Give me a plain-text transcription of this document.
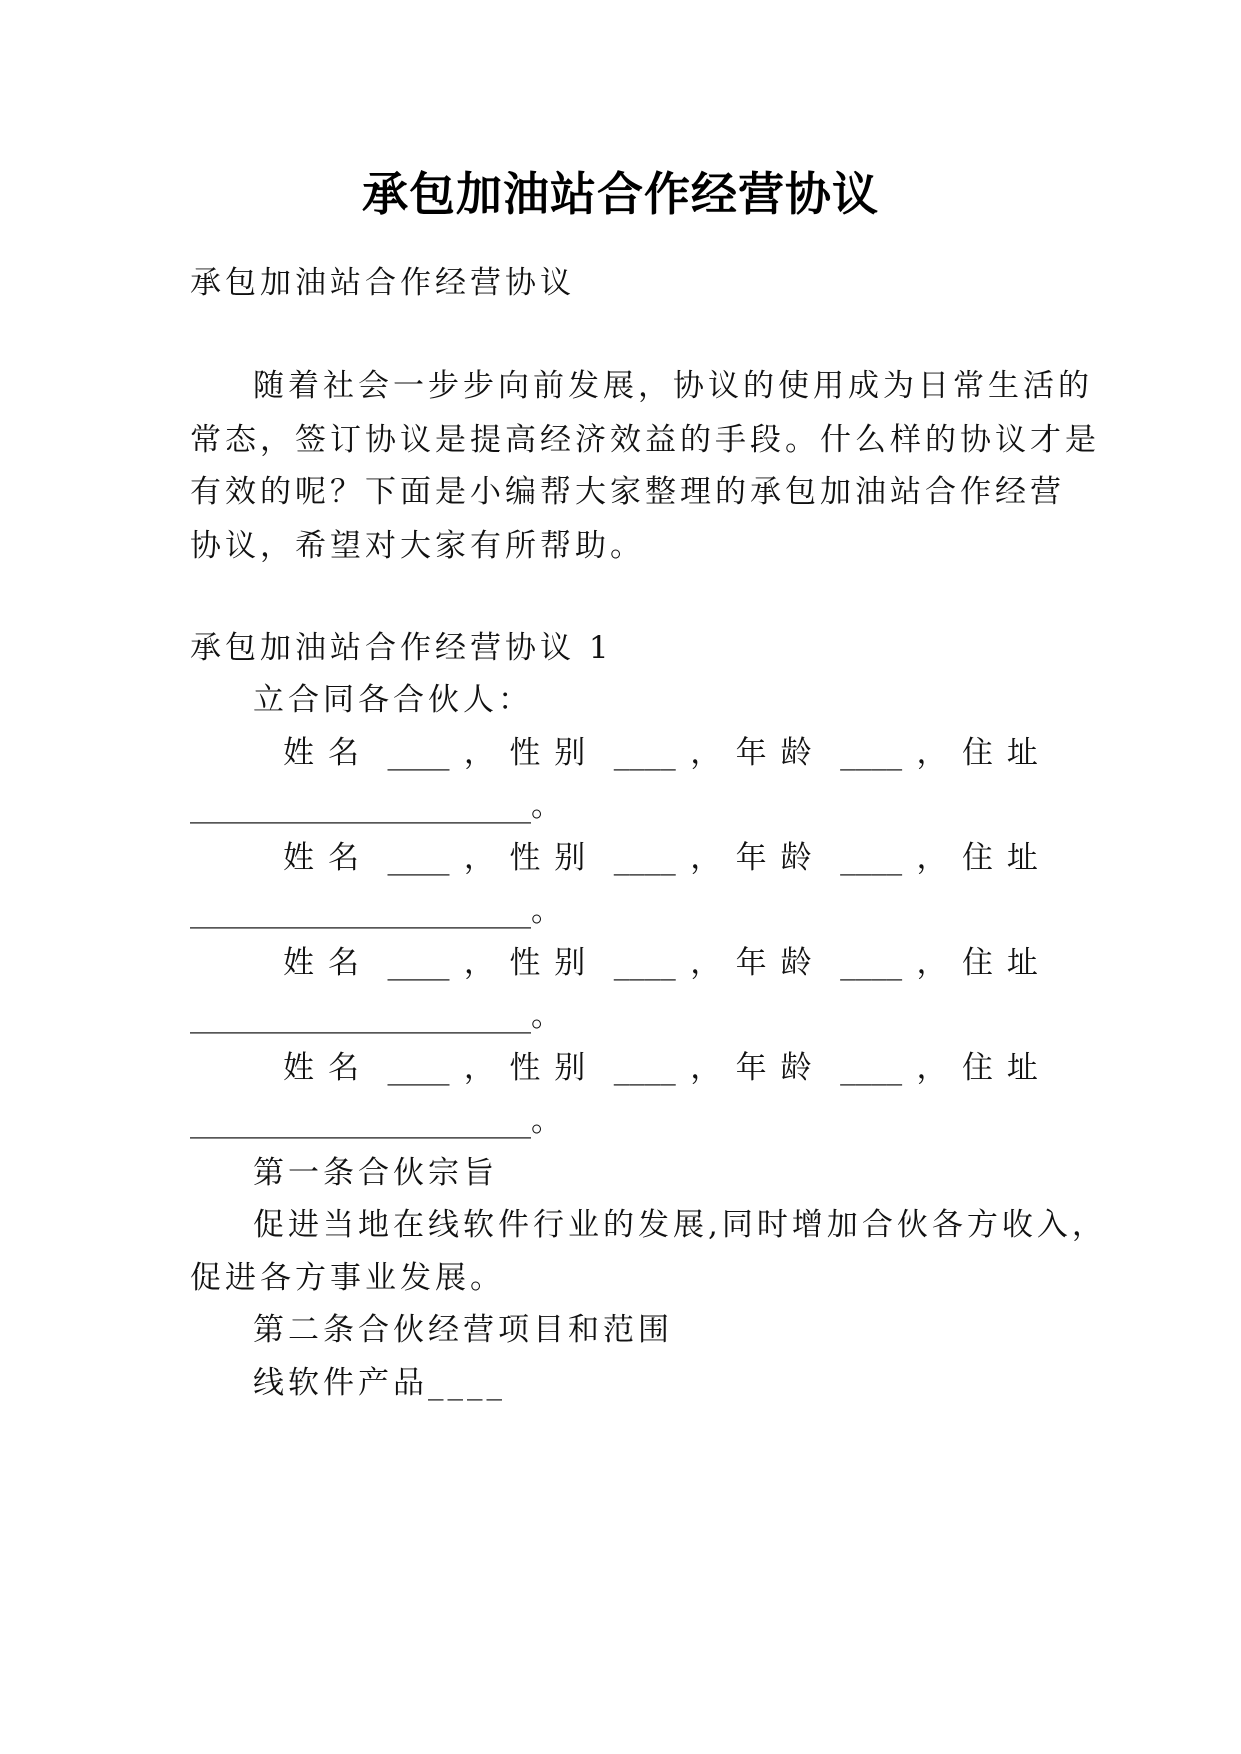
承包加油站合作经营协议
承包加油站合作经营协议
随着社会一步步向前发展，协议的使用成为日常生活的
常态，签订协议是提高经济效益的手段。什么样的协议才是
有效的呢？下面是小编帮大家整理的承包加油站合作经营
协议，希望对大家有所帮助。
承包加油站合作经营协议 1
立合同各合伙人：
姓名 ____ ， 性别 ____ ， 年龄 ____ ， 住址
______________________。
姓名 ____ ， 性别 ____ ， 年龄 ____ ， 住址
______________________。
姓名 ____ ， 性别 ____ ， 年龄 ____ ， 住址
______________________。
姓名 ____ ， 性别 ____ ， 年龄 ____ ， 住址
______________________。
第一条合伙宗旨
促进当地在线软件行业的发展,同时增加合伙各方收入，
促进各方事业发展。
第二条合伙经营项目和范围
线软件产品____
